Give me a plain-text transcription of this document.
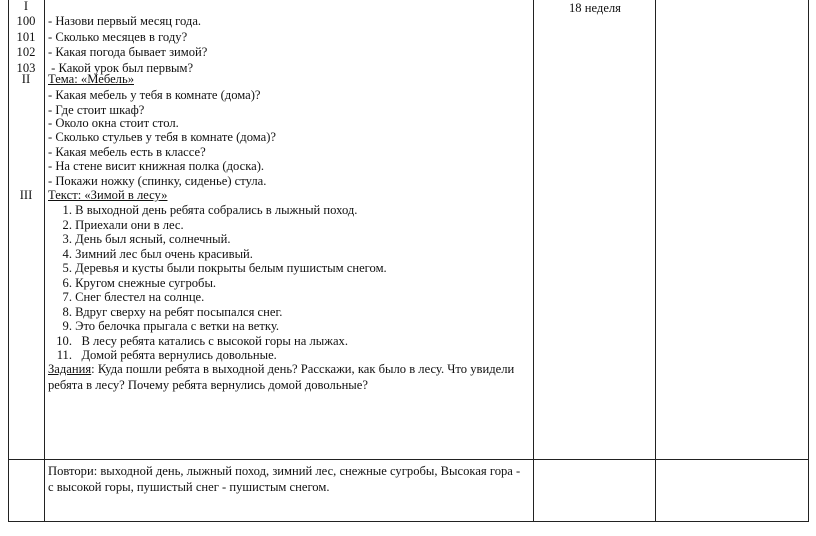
I
100
101
102
103
II
III
- Назови первый месяц года.
- Сколько месяцев в году?
- Какая погода бывает зимой?
- Какой урок был первым?
Тема: «Мебель»
- Какая мебель у тебя в комнате (дома)?
- Где стоит шкаф?
- Около окна стоит стол.
- Сколько стульев у тебя в комнате (дома)?
- Какая мебель есть в классе?
- На стене висит книжная полка (доска).
- Покажи ножку (спинку, сиденье) стула.
Текст: «Зимой в лесу»
1. В выходной день ребята собрались в лыжный поход.
2. Приехали они в лес.
3. День был ясный, солнечный.
4. Зимний лес был очень красивый.
5. Деревья и кусты были покрыты белым пушистым снегом.
6. Кругом снежные сугробы.
7. Снег блестел на солнце.
8. Вдруг сверху на ребят посыпался снег.
9. Это белочка прыгала с ветки на ветку.
10. В лесу ребята катались с высокой горы на лыжах.
11. Домой ребята вернулись довольные.
Задания: Куда пошли ребята в выходной день? Расскажи, как было в лесу. Что увидели ребята в лесу? Почему ребята вернулись домой довольные?
18 неделя
Повтори: выходной день, лыжный поход, зимний лес, снежные сугробы, Высокая гора - с высокой горы, пушистый снег - пушистым снегом.
